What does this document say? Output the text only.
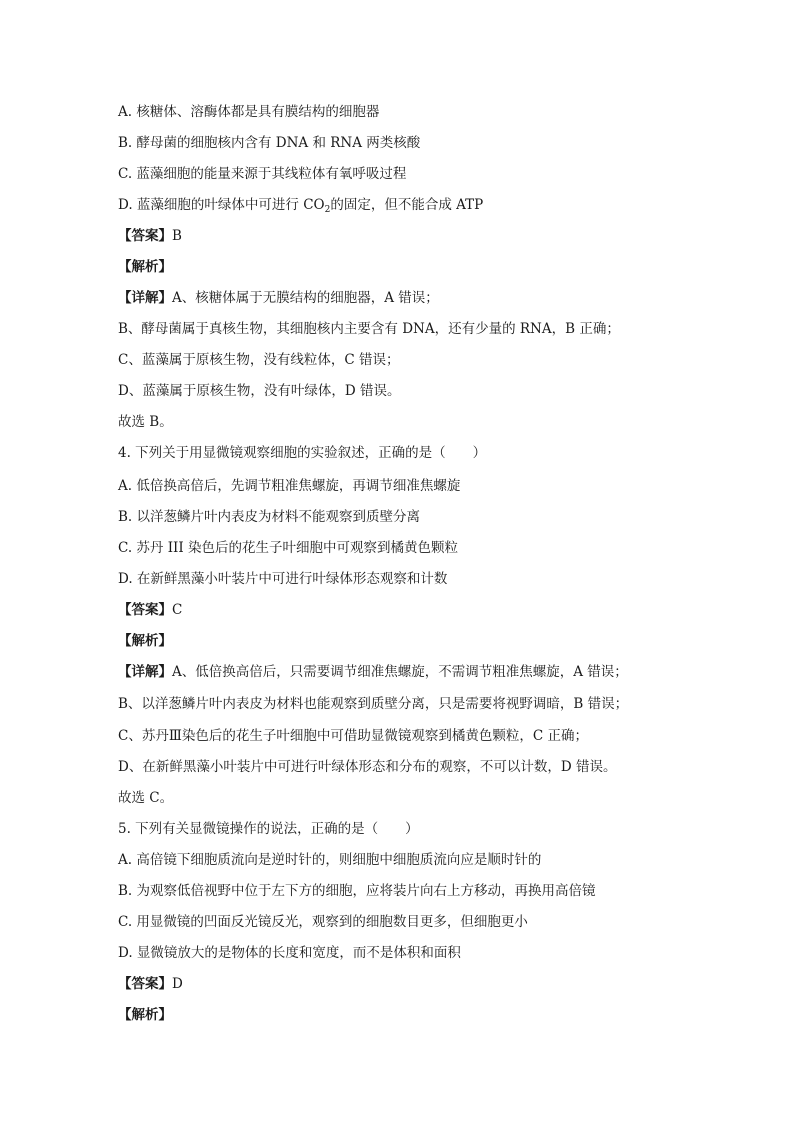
A. 核糖体、溶酶体都是具有膜结构的细胞器
B. 酵母菌的细胞核内含有 DNA 和 RNA 两类核酸
C. 蓝藻细胞的能量来源于其线粒体有氧呼吸过程
D. 蓝藻细胞的叶绿体中可进行 $CO_2$的固定，但不能合成 ATP
【答案】B
【解析】
【详解】A、核糖体属于无膜结构的细胞器，A 错误；
B、酵母菌属于真核生物，其细胞核内主要含有 DNA，还有少量的 RNA，B 正确；
C、蓝藻属于原核生物，没有线粒体，C 错误；
D、蓝藻属于原核生物，没有叶绿体，D 错误。
故选 B。
4. 下列关于用显微镜观察细胞的实验叙述，正确的是（　　）
A. 低倍换高倍后，先调节粗准焦螺旋，再调节细准焦螺旋
B. 以洋葱鳞片叶内表皮为材料不能观察到质壁分离
C. 苏丹 III 染色后的花生子叶细胞中可观察到橘黄色颗粒
D. 在新鲜黑藻小叶装片中可进行叶绿体形态观察和计数
【答案】C
【解析】
【详解】A、低倍换高倍后，只需要调节细准焦螺旋，不需调节粗准焦螺旋，A 错误；
B、以洋葱鳞片叶内表皮为材料也能观察到质壁分离，只是需要将视野调暗，B 错误；
C、苏丹Ⅲ染色后的花生子叶细胞中可借助显微镜观察到橘黄色颗粒，C 正确；
D、在新鲜黑藻小叶装片中可进行叶绿体形态和分布的观察，不可以计数，D 错误。
故选 C。
5. 下列有关显微镜操作的说法，正确的是（　　）
A. 高倍镜下细胞质流向是逆时针的，则细胞中细胞质流向应是顺时针的
B. 为观察低倍视野中位于左下方的细胞，应将装片向右上方移动，再换用高倍镜
C. 用显微镜的凹面反光镜反光，观察到的细胞数目更多，但细胞更小
D. 显微镜放大的是物体的长度和宽度，而不是体积和面积
【答案】D
【解析】
